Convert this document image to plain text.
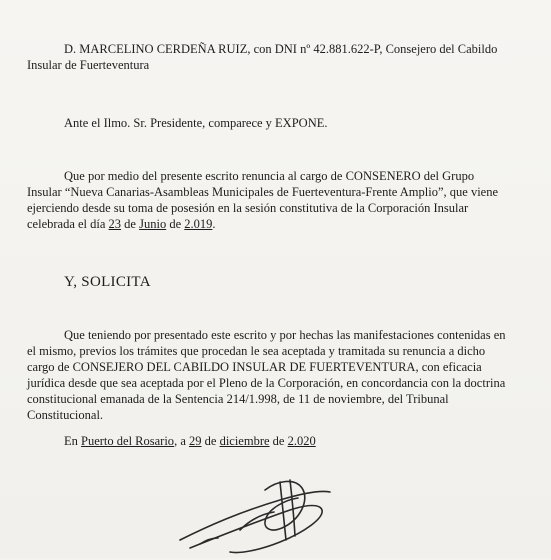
D. MARCELINO CERDEÑA RUIZ, con DNI nº 42.881.622-P, Consejero del Cabildo
Insular de Fuerteventura
Ante el Ilmo. Sr. Presidente, comparece y EXPONE.
Que por medio del presente escrito renuncia al cargo de CONSENERO del Grupo
Insular “Nueva Canarias-Asambleas Municipales de Fuerteventura-Frente Amplio”, que viene
ejerciendo desde su toma de posesión en la sesión constitutiva de la Corporación Insular
celebrada el día 23 de Junio de 2.019.
Y, SOLICITA
Que teniendo por presentado este escrito y por hechas las manifestaciones contenidas en
el mismo, previos los trámites que procedan le sea aceptada y tramitada su renuncia a dicho
cargo de CONSEJERO DEL CABILDO INSULAR DE FUERTEVENTURA, con eficacia
jurídica desde que sea aceptada por el Pleno de la Corporación, en concordancia con la doctrina
constitucional emanada de la Sentencia 214/1.998, de 11 de noviembre, del Tribunal
Constitucional.
En Puerto del Rosario, a 29 de diciembre de 2.020
